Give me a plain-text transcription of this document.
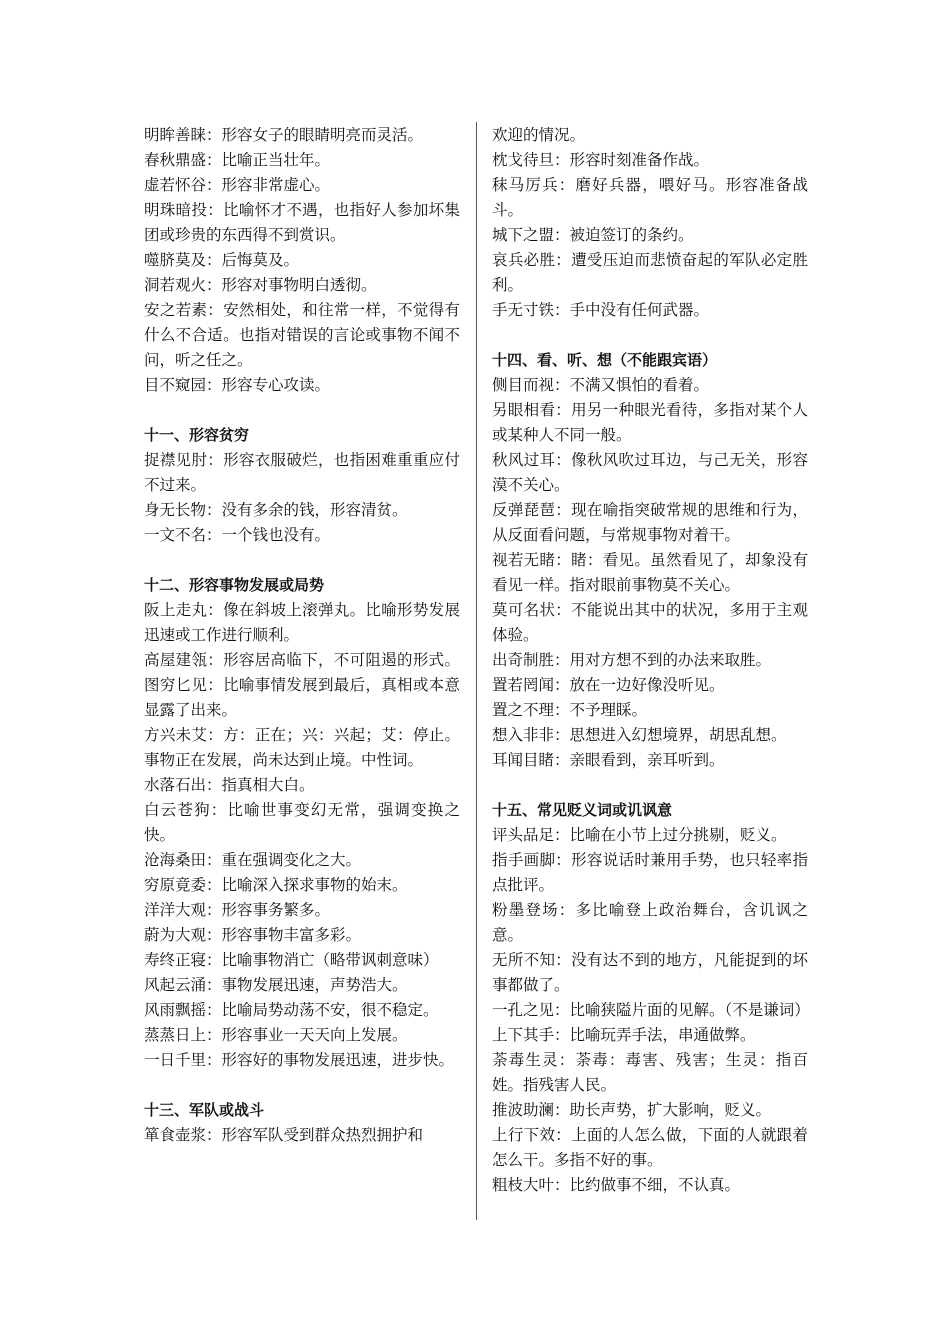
明眸善睐：形容女子的眼睛明亮而灵活。

春秋鼎盛：比喻正当壮年。

虚若怀谷：形容非常虚心。

明珠暗投：比喻怀才不遇，也指好人参加坏集团或珍贵的东西得不到赏识。

噬脐莫及：后悔莫及。

洞若观火：形容对事物明白透彻。

安之若素：安然相处，和往常一样，不觉得有什么不合适。也指对错误的言论或事物不闻不问，听之任之。

目不窥园：形容专心攻读。

十一、形容贫穷

捉襟见肘：形容衣服破烂，也指困难重重应付不过来。

身无长物：没有多余的钱，形容清贫。

一文不名：一个钱也没有。

十二、形容事物发展或局势

阪上走丸：像在斜坡上滚弹丸。比喻形势发展迅速或工作进行顺利。

高屋建瓴：形容居高临下，不可阻遏的形式。图穷匕见：比喻事情发展到最后，真相或本意显露了出来。

方兴未艾：方：正在；兴：兴起；艾：停止。事物正在发展，尚未达到止境。中性词。

水落石出：指真相大白。

白云苍狗：比喻世事变幻无常，强调变换之快。

沧海桑田：重在强调变化之大。

穷原竟委：比喻深入探求事物的始末。

洋洋大观：形容事务繁多。

蔚为大观：形容事物丰富多彩。

寿终正寝：比喻事物消亡（略带讽刺意味）

风起云涌：事物发展迅速，声势浩大。

风雨飘摇：比喻局势动荡不安，很不稳定。

蒸蒸日上：形容事业一天天向上发展。

一日千里：形容好的事物发展迅速，进步快。

十三、军队或战斗

箪食壶浆：形容军队受到群众热烈拥护和

欢迎的情况。

枕戈待旦：形容时刻准备作战。

秣马厉兵：磨好兵器，喂好马。形容准备战斗。

城下之盟：被迫签订的条约。

哀兵必胜：遭受压迫而悲愤奋起的军队必定胜利。

手无寸铁：手中没有任何武器。

十四、看、听、想（不能跟宾语）

侧目而视：不满又惧怕的看着。

另眼相看：用另一种眼光看待，多指对某个人或某种人不同一般。

秋风过耳：像秋风吹过耳边，与己无关，形容漠不关心。

反弹琵琶：现在喻指突破常规的思维和行为，从反面看问题，与常规事物对着干。

视若无睹：睹：看见。虽然看见了，却象没有看见一样。指对眼前事物莫不关心。

莫可名状：不能说出其中的状况，多用于主观体验。

出奇制胜：用对方想不到的办法来取胜。

置若罔闻：放在一边好像没听见。

置之不理：不予理睬。

想入非非：思想进入幻想境界，胡思乱想。

耳闻目睹：亲眼看到，亲耳听到。

十五、常见贬义词或讥讽意

评头品足：比喻在小节上过分挑剔，贬义。

指手画脚：形容说话时兼用手势，也只轻率指点批评。

粉墨登场：多比喻登上政治舞台，含讥讽之意。

无所不知：没有达不到的地方，凡能捉到的坏事都做了。

一孔之见：比喻狭隘片面的见解。（不是谦词）

上下其手：比喻玩弄手法，串通做弊。

荼毒生灵：荼毒：毒害、残害；生灵：指百姓。指残害人民。

推波助澜：助长声势，扩大影响，贬义。

上行下效：上面的人怎么做，下面的人就跟着怎么干。多指不好的事。

粗枝大叶：比约做事不细，不认真。
